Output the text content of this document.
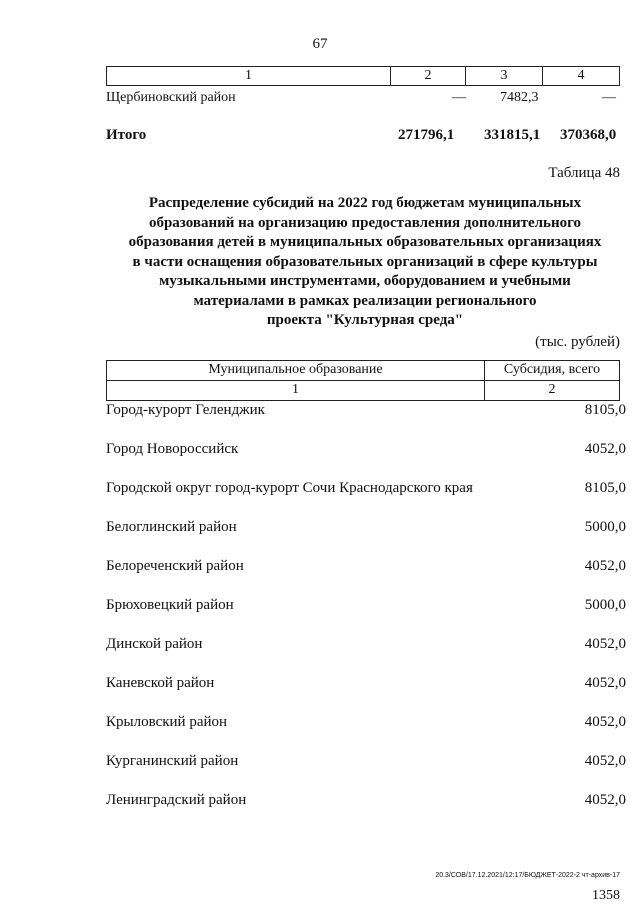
67
1	2	3	4
Щербиновский район	— 7482,3	—
Итого	271796,1 331815,1 370368,0
Таблица 48
Распределение субсидий на 2022 год бюджетам муниципальных
образований на организацию предоставления дополнительного
образования детей в муниципальных образовательных организациях
в части оснащения образовательных организаций в сфере культуры
музыкальными инструментами, оборудованием и учебными
материалами в рамках реализации регионального
проекта "Культурная среда"
(тыс. рублей)
Муниципальное образование	Субсидия, всего
1	2
Город-курорт Геленджик	8105,0
Город Новороссийск	4052,0
Городской округ город-курорт Сочи Краснодарского края	8105,0
Белоглинский район	5000,0
Белореченский район	4052,0
Брюховецкий район	5000,0
Динской район	4052,0
Каневской район	4052,0
Крыловский район	4052,0
Курганинский район	4052,0
Ленинградский район	4052,0
20.3/СОВ/17.12.2021/12:17/БЮДЖЕТ-2022-2 чт-архив-17
1358
